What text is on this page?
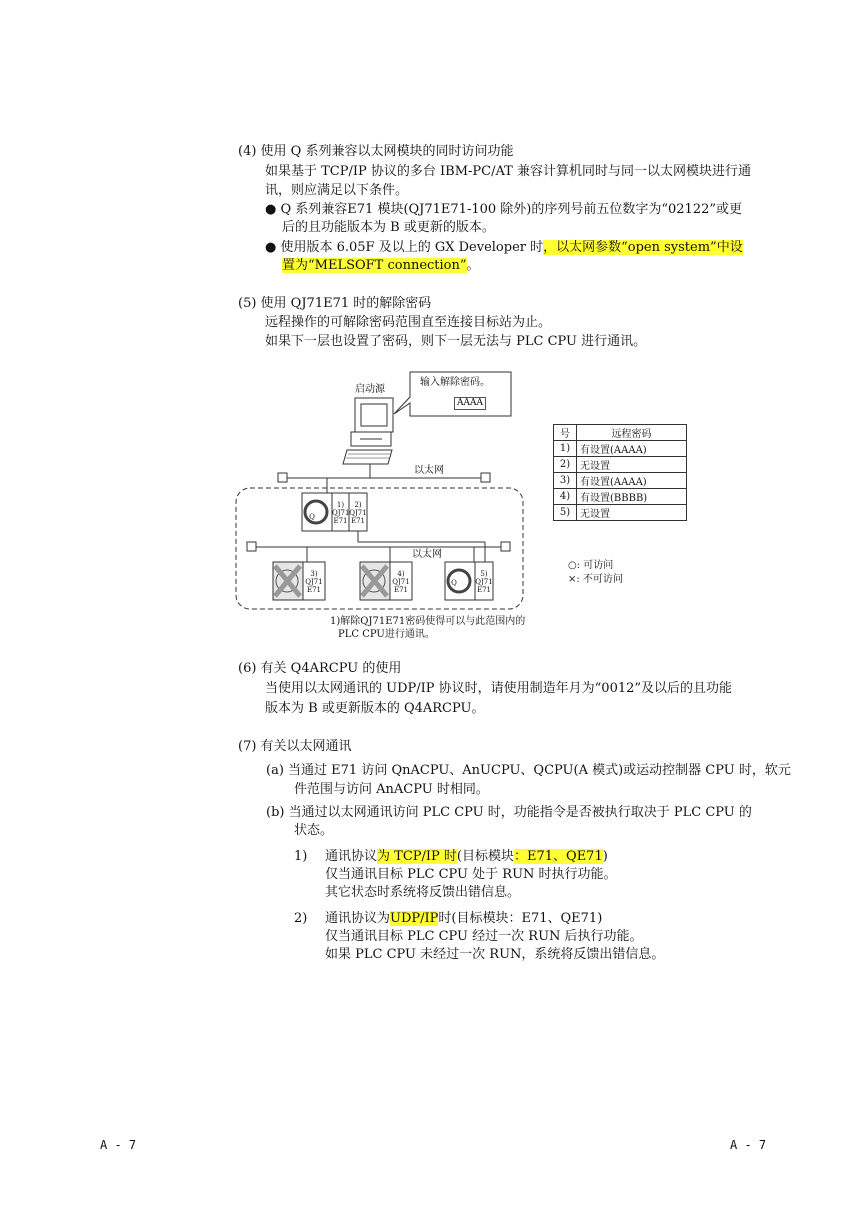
(4) 使用 Q 系列兼容以太网模块的同时访问功能
如果基于 TCP/IP 协议的多台 IBM-PC/AT 兼容计算机同时与同一以太网模块进行通
讯，则应满足以下条件。
● Q 系列兼容E71 模块(QJ71E71-100 除外)的序列号前五位数字为“02122”或更
后的且功能版本为 B 或更新的版本。
● 使用版本 6.05F 及以上的 GX Developer 时，以太网参数“open system”中设
置为“MELSOFT connection”。
(5) 使用 QJ71E71 时的解除密码
远程操作的可解除密码范围直至连接目标站为止。
如果下一层也设置了密码，则下一层无法与 PLC CPU 进行通讯。
启动源
输入解除密码。
AAAA
以太网
以太网
Q
1)
QJ71
E71
2)
QJ71
E71
3)
QJ71
E71
4)
QJ71
E71
5)
QJ71
E71
Q
○: 可访问
×: 不可访问
1)解除QJ71E71密码使得可以与此范围内的
PLC CPU进行通讯。
号	远程密码
1)	有设置(AAAA)
2)	无设置
3)	有设置(AAAA)
4)	有设置(BBBB)
5)	无设置
(6) 有关 Q4ARCPU 的使用
当使用以太网通讯的 UDP/IP 协议时，请使用制造年月为“0012”及以后的且功能
版本为 B 或更新版本的 Q4ARCPU。
(7) 有关以太网通讯
(a) 当通过 E71 访问 QnACPU、AnUCPU、QCPU(A 模式)或运动控制器 CPU 时，软元
件范围与访问 AnACPU 时相同。
(b) 当通过以太网通讯访问 PLC CPU 时，功能指令是否被执行取决于 PLC CPU 的
状态。
1) 通讯协议为 TCP/IP 时(目标模块：E71、QE71)
仅当通讯目标 PLC CPU 处于 RUN 时执行功能。
其它状态时系统将反馈出错信息。
2) 通讯协议为UDP/IP时(目标模块：E71、QE71)
仅当通讯目标 PLC CPU 经过一次 RUN 后执行功能。
如果 PLC CPU 未经过一次 RUN，系统将反馈出错信息。
A - 7	A - 7
